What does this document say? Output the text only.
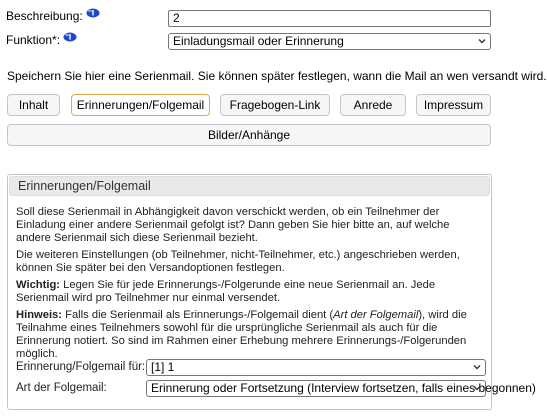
Beschreibung:	2
Funktion*:	Einladungsmail oder Erinnerung
Speichern Sie hier eine Serienmail. Sie können später festlegen, wann die Mail an wen versandt wird.
Inhalt	Erinnerungen/Folgemail	Fragebogen-Link	Anrede	Impressum
Bilder/Anhänge
Erinnerungen/Folgemail
Soll diese Serienmail in Abhängigkeit davon verschickt werden, ob ein Teilnehmer der Einladung einer andere Serienmail gefolgt ist? Dann geben Sie hier bitte an, auf welche andere Serienmail sich diese Serienmail bezieht.
Die weiteren Einstellungen (ob Teilnehmer, nicht-Teilnehmer, etc.) angeschrieben werden, können Sie später bei den Versandoptionen festlegen.
Wichtig: Legen Sie für jede Erinnerungs-/Folgerunde eine neue Serienmail an. Jede Serienmail wird pro Teilnehmer nur einmal versendet.
Hinweis: Falls die Serienmail als Erinnerungs-/Folgemail dient (Art der Folgemail), wird die Teilnahme eines Teilnehmers sowohl für die ursprüngliche Serienmail als auch für die Erinnerung notiert. So sind im Rahmen einer Erhebung mehrere Erinnerungs-/Folgerunden möglich.
Erinnerung/Folgemail für: [1] 1
Art der Folgemail:	Erinnerung oder Fortsetzung (Interview fortsetzen, falls eines begonnen)
